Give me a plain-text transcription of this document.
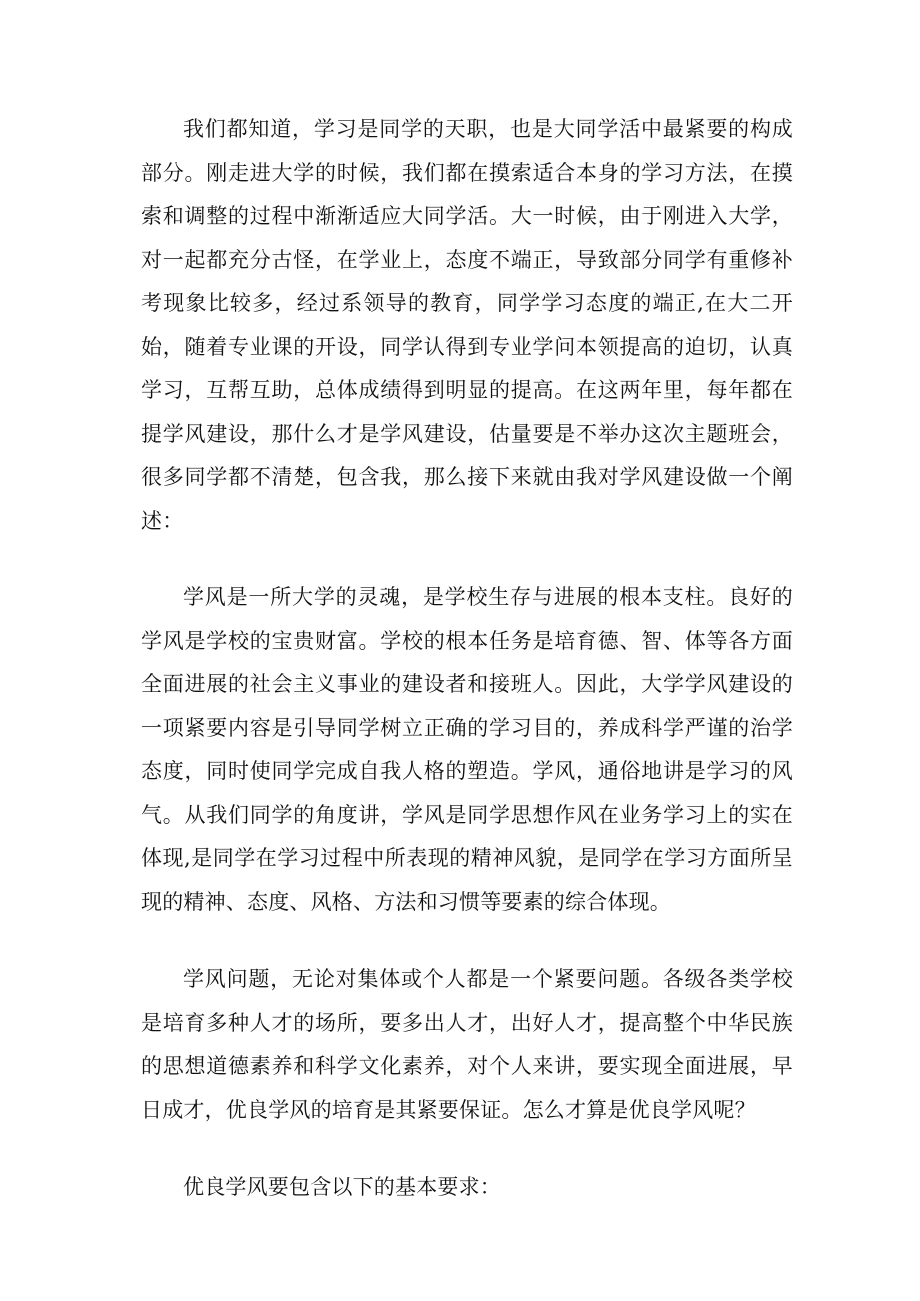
我们都知道，学习是同学的天职，也是大同学活中最紧要的构成部分。刚走进大学的时候，我们都在摸索适合本身的学习方法，在摸索和调整的过程中渐渐适应大同学活。大一时候，由于刚进入大学，对一起都充分古怪，在学业上，态度不端正，导致部分同学有重修补考现象比较多，经过系领导的教育，同学学习态度的端正,在大二开始，随着专业课的开设，同学认得到专业学问本领提高的迫切，认真学习，互帮互助，总体成绩得到明显的提高。在这两年里，每年都在提学风建设，那什么才是学风建设，估量要是不举办这次主题班会，很多同学都不清楚，包含我，那么接下来就由我对学风建设做一个阐述：

学风是一所大学的灵魂，是学校生存与进展的根本支柱。良好的学风是学校的宝贵财富。学校的根本任务是培育德、智、体等各方面全面进展的社会主义事业的建设者和接班人。因此，大学学风建设的一项紧要内容是引导同学树立正确的学习目的，养成科学严谨的治学态度，同时使同学完成自我人格的塑造。学风，通俗地讲是学习的风气。从我们同学的角度讲，学风是同学思想作风在业务学习上的实在体现,是同学在学习过程中所表现的精神风貌，是同学在学习方面所呈现的精神、态度、风格、方法和习惯等要素的综合体现。

学风问题，无论对集体或个人都是一个紧要问题。各级各类学校是培育多种人才的场所，要多出人才，出好人才，提高整个中华民族的思想道德素养和科学文化素养，对个人来讲，要实现全面进展，早日成才，优良学风的培育是其紧要保证。怎么才算是优良学风呢？

优良学风要包含以下的基本要求：
